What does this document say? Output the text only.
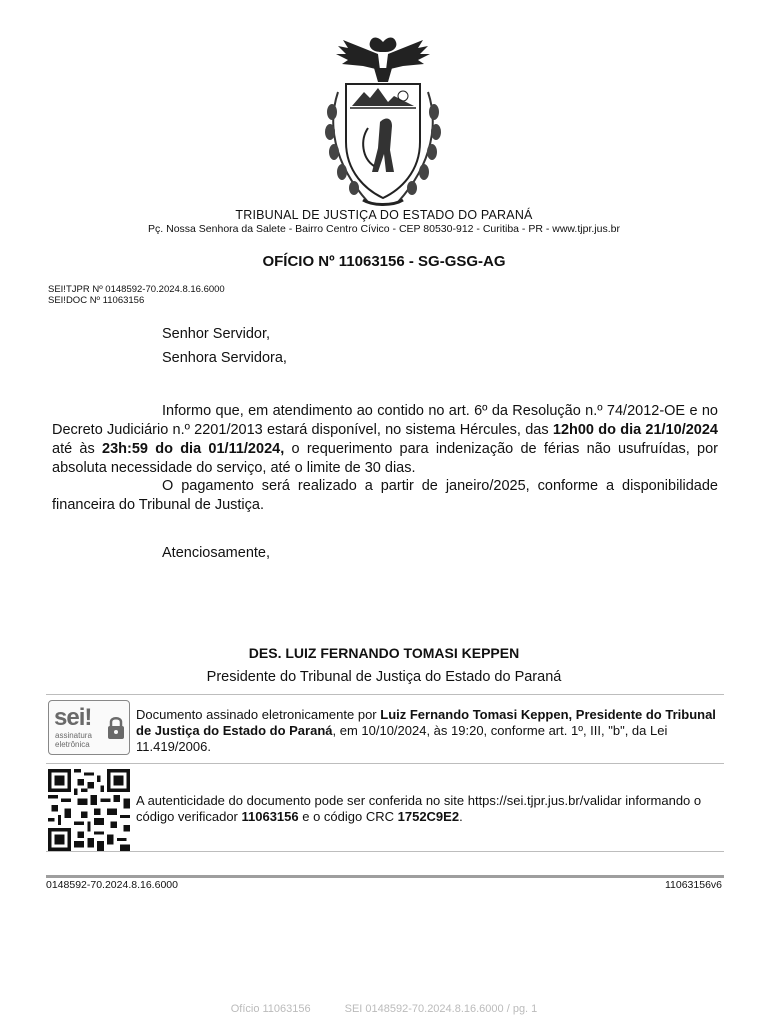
TRIBUNAL DE JUSTIÇA DO ESTADO DO PARANÁ
Pç. Nossa Senhora da Salete - Bairro Centro Cívico - CEP 80530-912 - Curitiba - PR - www.tjpr.jus.br
OFÍCIO Nº 11063156 - SG-GSG-AG
SEI!TJPR Nº 0148592-70.2024.8.16.6000
SEI!DOC Nº 11063156
Senhor Servidor,
Senhora Servidora,
Informo que, em atendimento ao contido no art. 6º da Resolução n.º 74/2012-OE e no Decreto Judiciário n.º 2201/2013 estará disponível, no sistema Hércules, das 12h00 do dia 21/10/2024 até às 23h:59 do dia 01/11/2024, o requerimento para indenização de férias não usufruídas, por absoluta necessidade do serviço, até o limite de 30 dias.
O pagamento será realizado a partir de janeiro/2025, conforme a disponibilidade financeira do Tribunal de Justiça.
Atenciosamente,
DES. LUIZ FERNANDO TOMASI KEPPEN
Presidente do Tribunal de Justiça do Estado do Paraná
sei!
assinatura
eletrônica
Documento assinado eletronicamente por Luiz Fernando Tomasi Keppen, Presidente do Tribunal de Justiça do Estado do Paraná, em 10/10/2024, às 19:20, conforme art. 1º, III, "b", da Lei 11.419/2006.
A autenticidade do documento pode ser conferida no site https://sei.tjpr.jus.br/validar informando o código verificador 11063156 e o código CRC 1752C9E2.
0148592-70.2024.8.16.6000	11063156v6
Ofício 11063156	SEI 0148592-70.2024.8.16.6000 / pg. 1
